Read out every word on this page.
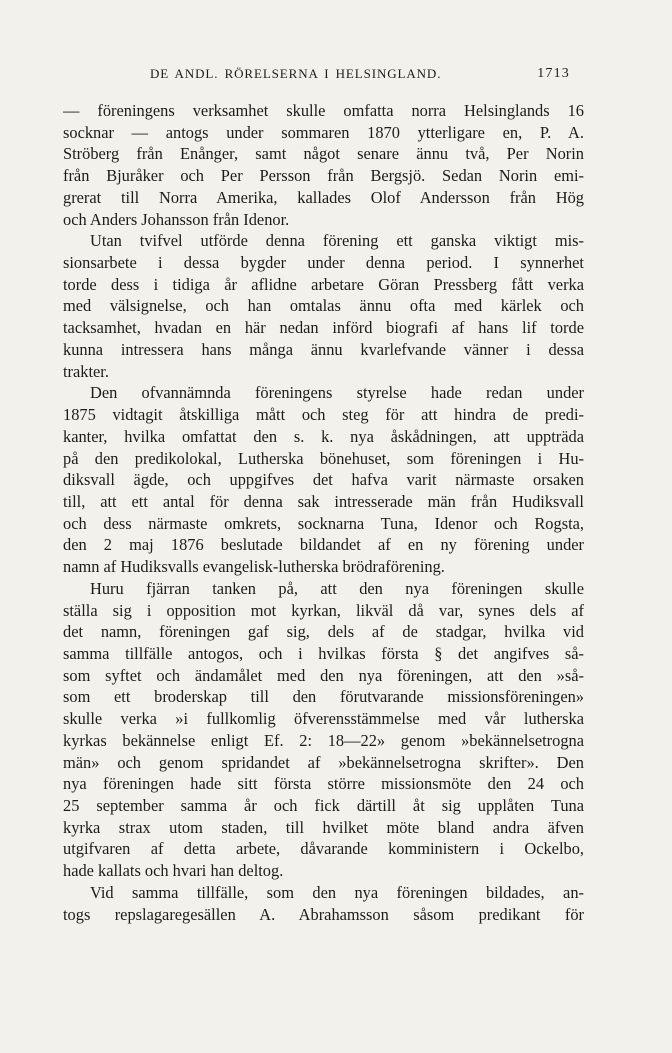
DE ANDL. RÖRELSERNA I HELSINGLAND.	1713
— föreningens verksamhet skulle omfatta norra Helsinglands 16
socknar — antogs under sommaren 1870 ytterligare en, P. A.
Ströberg från Enånger, samt något senare ännu två, Per Norin
från Bjuråker och Per Persson från Bergsjö. Sedan Norin emi-
grerat till Norra Amerika, kallades Olof Andersson från Hög
och Anders Johansson från Idenor.
Utan tvifvel utförde denna förening ett ganska viktigt mis-
sionsarbete i dessa bygder under denna period. I synnerhet
torde dess i tidiga år aflidne arbetare Göran Pressberg fått verka
med välsignelse, och han omtalas ännu ofta med kärlek och
tacksamhet, hvadan en här nedan införd biografi af hans lif torde
kunna intressera hans många ännu kvarlefvande vänner i dessa
trakter.
Den ofvannämnda föreningens styrelse hade redan under
1875 vidtagit åtskilliga mått och steg för att hindra de predi-
kanter, hvilka omfattat den s. k. nya åskådningen, att uppträda
på den predikolokal, Lutherska bönehuset, som föreningen i Hu-
diksvall ägde, och uppgifves det hafva varit närmaste orsaken
till, att ett antal för denna sak intresserade män från Hudiksvall
och dess närmaste omkrets, socknarna Tuna, Idenor och Rogsta,
den 2 maj 1876 beslutade bildandet af en ny förening under
namn af Hudiksvalls evangelisk-lutherska brödraförening.
Huru fjärran tanken på, att den nya föreningen skulle
ställa sig i opposition mot kyrkan, likväl då var, synes dels af
det namn, föreningen gaf sig, dels af de stadgar, hvilka vid
samma tillfälle antogos, och i hvilkas första § det angifves så-
som syftet och ändamålet med den nya föreningen, att den »så-
som ett broderskap till den förutvarande missionsföreningen»
skulle verka »i fullkomlig öfverensstämmelse med vår lutherska
kyrkas bekännelse enligt Ef. 2: 18—22» genom »bekännelsetrogna
män» och genom spridandet af »bekännelsetrogna skrifter». Den
nya föreningen hade sitt första större missionsmöte den 24 och
25 september samma år och fick därtill åt sig upplåten Tuna
kyrka strax utom staden, till hvilket möte bland andra äfven
utgifvaren af detta arbete, dåvarande komministern i Ockelbo,
hade kallats och hvari han deltog.
Vid samma tillfälle, som den nya föreningen bildades, an-
togs repslagaregesällen A. Abrahamsson såsom predikant för
